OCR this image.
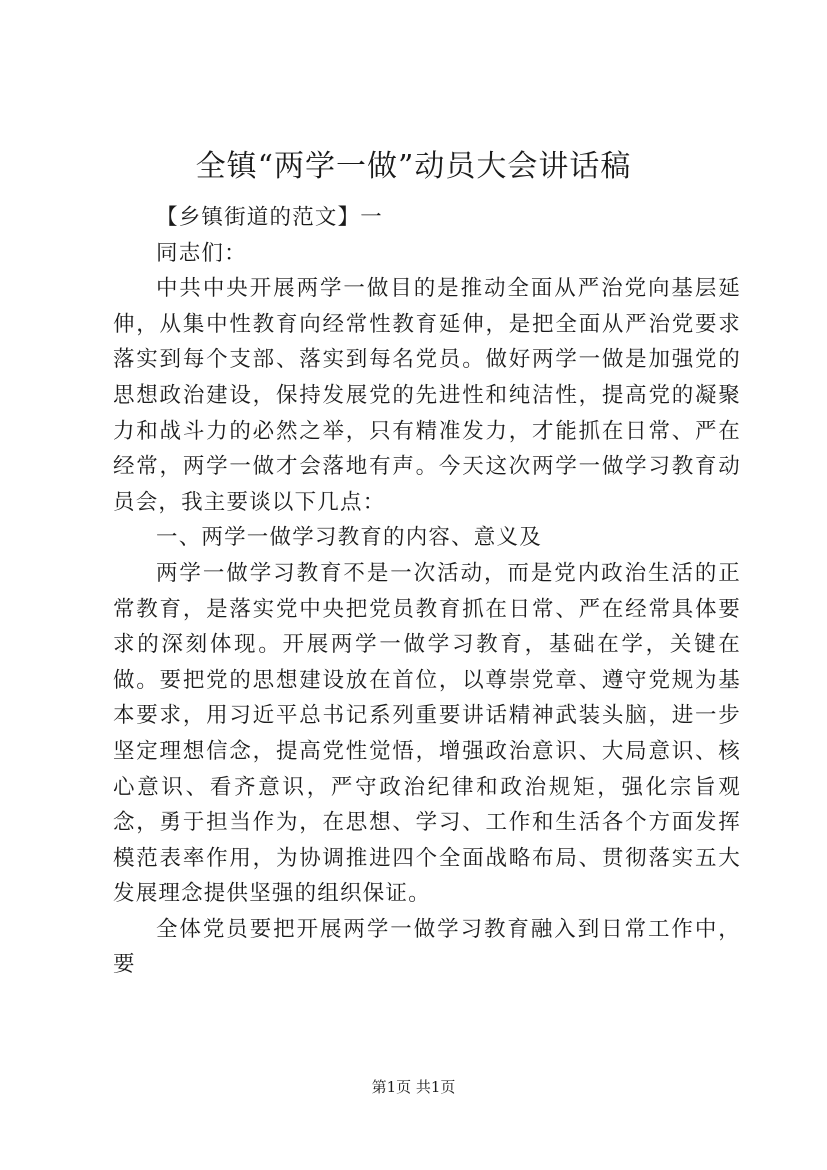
全镇“两学一做”动员大会讲话稿

【乡镇街道的范文】一

同志们：

中共中央开展两学一做目的是推动全面从严治党向基层延伸，从集中性教育向经常性教育延伸，是把全面从严治党要求落实到每个支部、落实到每名党员。做好两学一做是加强党的思想政治建设，保持发展党的先进性和纯洁性，提高党的凝聚力和战斗力的必然之举，只有精准发力，才能抓在日常、严在经常，两学一做才会落地有声。今天这次两学一做学习教育动员会，我主要谈以下几点：

一、两学一做学习教育的内容、意义及

两学一做学习教育不是一次活动，而是党内政治生活的正常教育，是落实党中央把党员教育抓在日常、严在经常具体要求的深刻体现。开展两学一做学习教育，基础在学，关键在做。要把党的思想建设放在首位，以尊崇党章、遵守党规为基本要求，用习近平总书记系列重要讲话精神武装头脑，进一步坚定理想信念，提高党性觉悟，增强政治意识、大局意识、核心意识、看齐意识，严守政治纪律和政治规矩，强化宗旨观念，勇于担当作为，在思想、学习、工作和生活各个方面发挥模范表率作用，为协调推进四个全面战略布局、贯彻落实五大发展理念提供坚强的组织保证。

全体党员要把开展两学一做学习教育融入到日常工作中，要

第1页 共1页
